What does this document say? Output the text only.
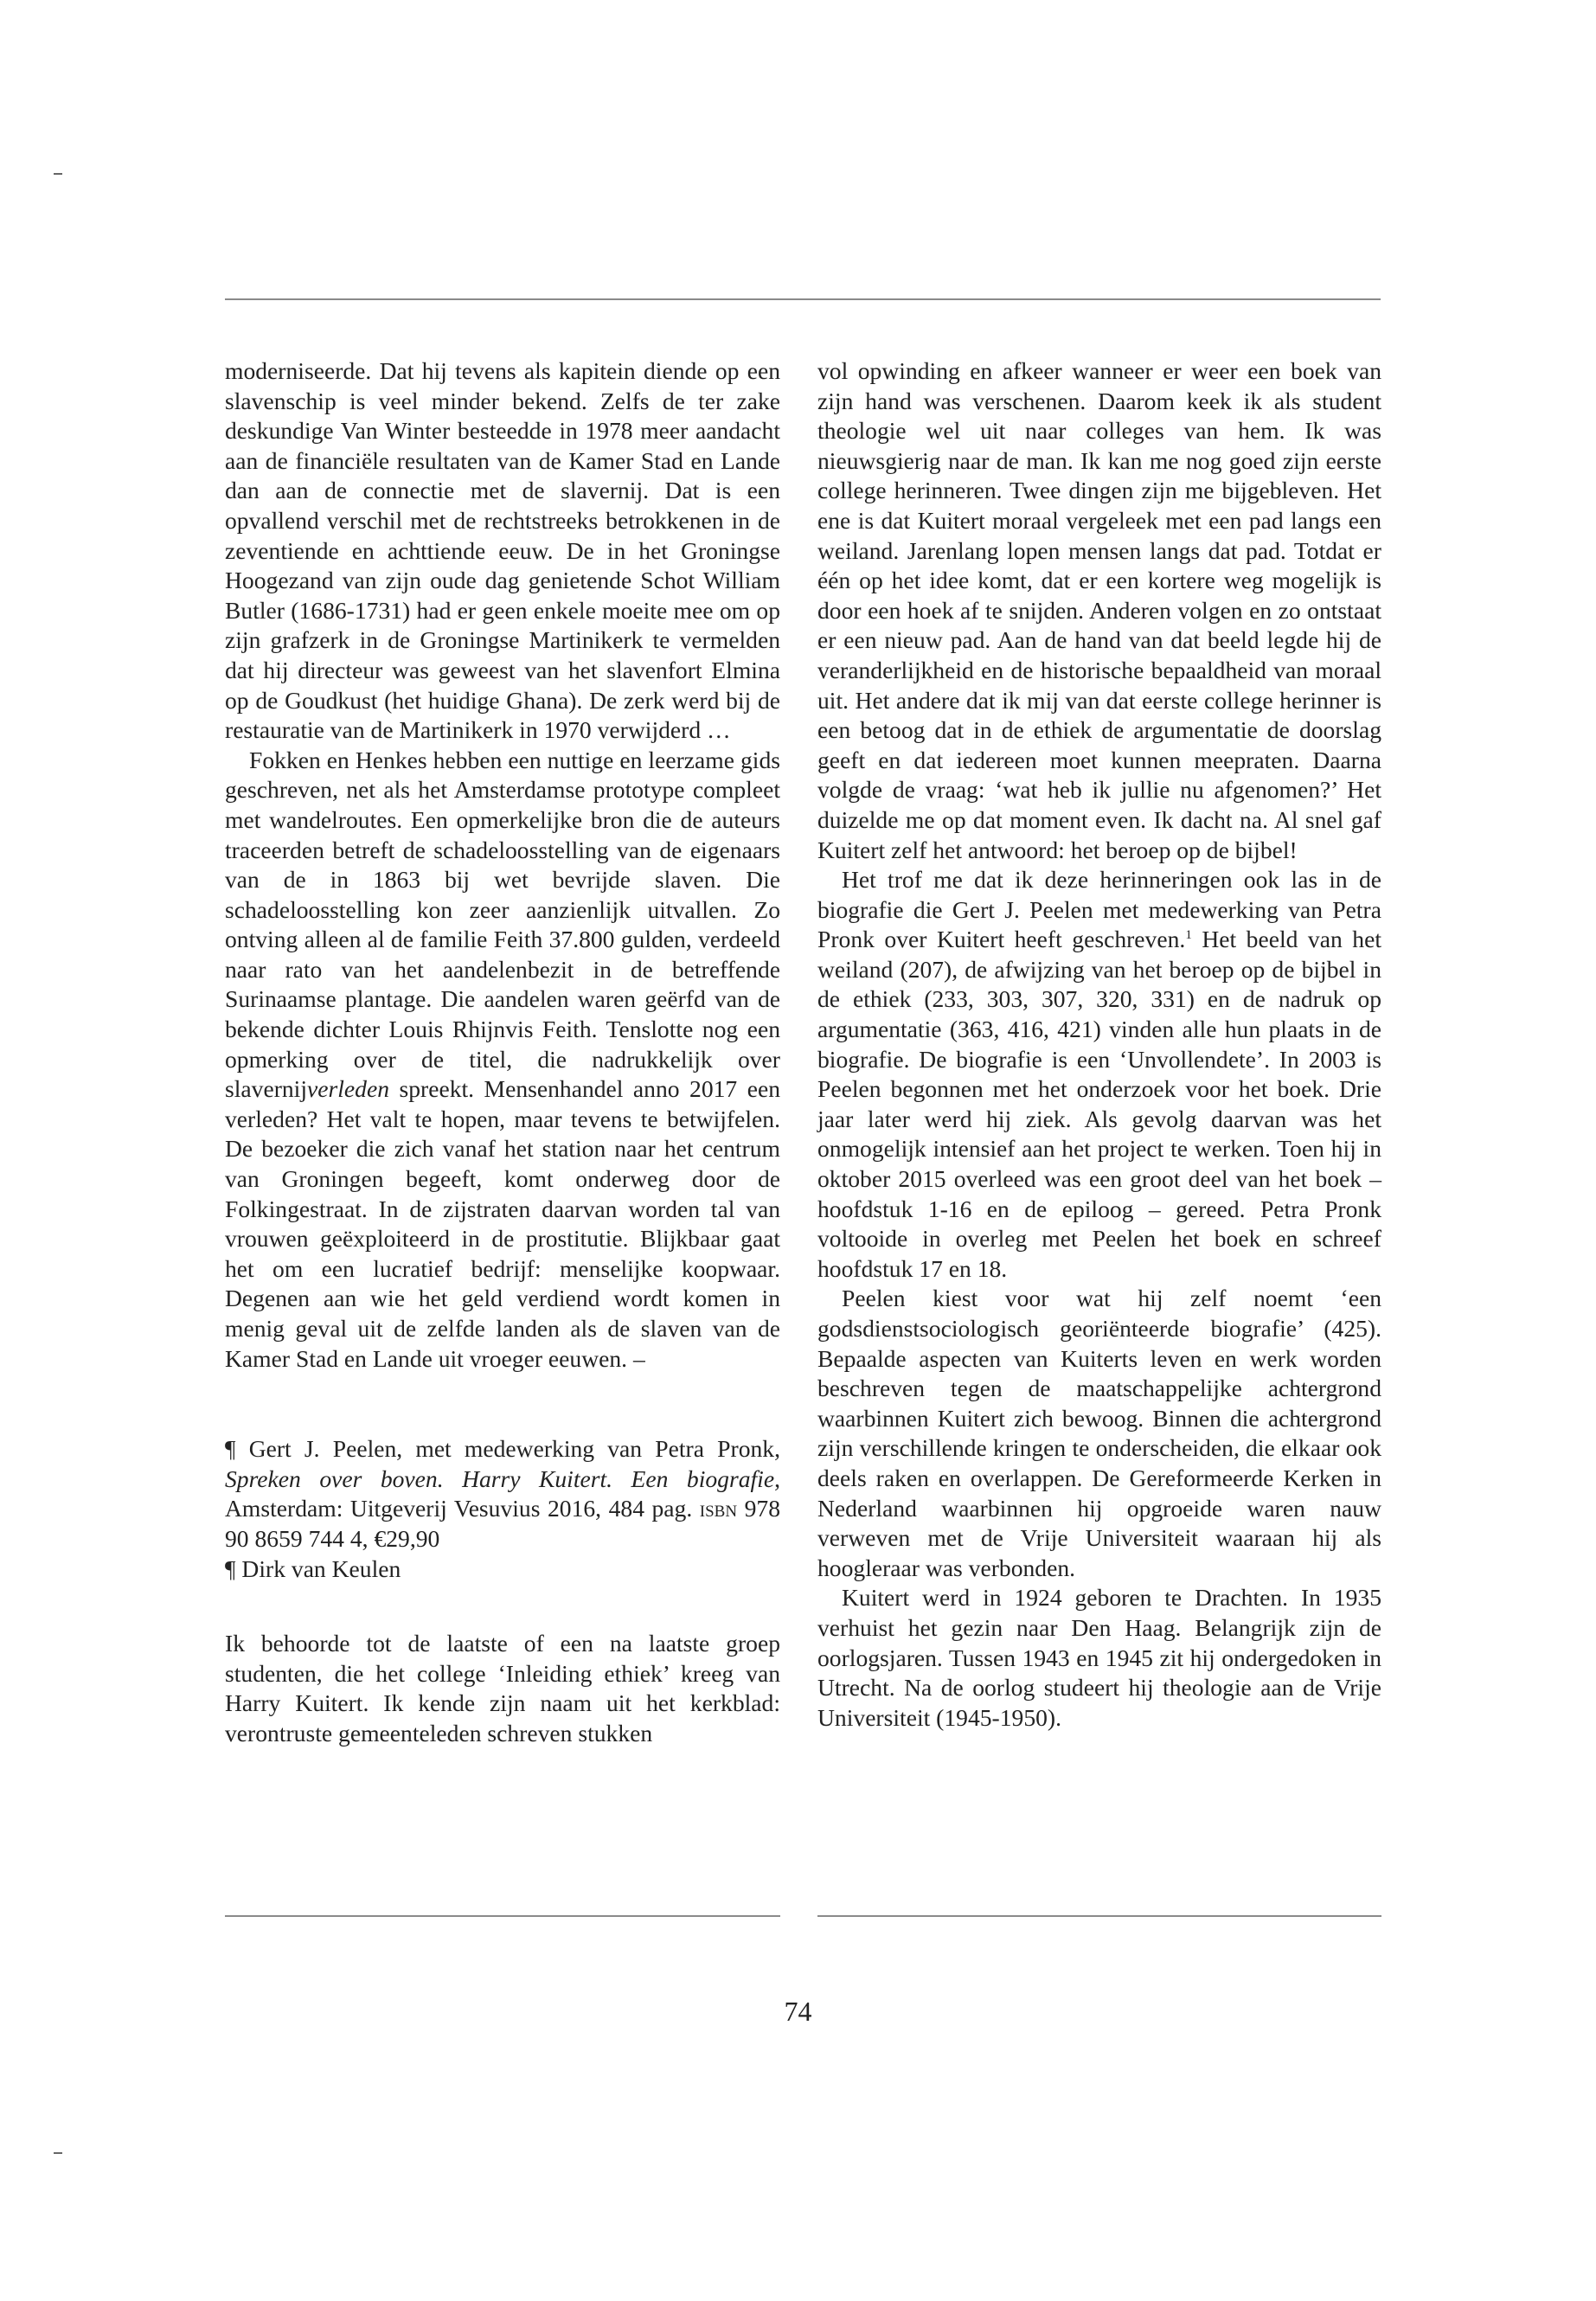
moderniseerde. Dat hij tevens als kapitein diende op een slavenschip is veel minder bekend. Zelfs de ter zake deskundige Van Winter besteedde in 1978 meer aandacht aan de financiële resultaten van de Kamer Stad en Lande dan aan de connectie met de slavernij. Dat is een opvallend verschil met de rechtstreeks betrokkenen in de zeventiende en achttiende eeuw. De in het Groningse Hoogezand van zijn oude dag genietende Schot William Butler (1686-1731) had er geen enkele moeite mee om op zijn grafzerk in de Groningse Martinikerk te vermelden dat hij directeur was geweest van het slavenfort Elmina op de Goudkust (het huidige Ghana). De zerk werd bij de restauratie van de Martinikerk in 1970 verwijderd …

Fokken en Henkes hebben een nuttige en leerzame gids geschreven, net als het Amsterdamse prototype compleet met wandelroutes. Een opmerkelijke bron die de auteurs traceerden betreft de schadeloosstelling van de eigenaars van de in 1863 bij wet bevrijde slaven. Die schadeloosstelling kon zeer aanzienlijk uitvallen. Zo ontving alleen al de familie Feith 37.800 gulden, verdeeld naar rato van het aandelenbezit in de betreffende Surinaamse plantage. Die aandelen waren geërfd van de bekende dichter Louis Rhijnvis Feith. Tenslotte nog een opmerking over de titel, die nadrukkelijk over slavernijverleden spreekt. Mensenhandel anno 2017 een verleden? Het valt te hopen, maar tevens te betwijfelen. De bezoeker die zich vanaf het station naar het centrum van Groningen begeeft, komt onderweg door de Folkingestraat. In de zijstraten daarvan worden tal van vrouwen geëxploiteerd in de prostitutie. Blijkbaar gaat het om een lucratief bedrijf: menselijke koopwaar. Degenen aan wie het geld verdiend wordt komen in menig geval uit de zelfde landen als de slaven van de Kamer Stad en Lande uit vroeger eeuwen. –

¶ Gert J. Peelen, met medewerking van Petra Pronk, Spreken over boven. Harry Kuitert. Een biografie, Amsterdam: Uitgeverij Vesuvius 2016, 484 pag. isbn 978 90 8659 744 4, €29,90

¶ Dirk van Keulen

Ik behoorde tot de laatste of een na laatste groep studenten, die het college ‘Inleiding ethiek’ kreeg van Harry Kuitert. Ik kende zijn naam uit het kerkblad: verontruste gemeenteleden schreven stukken

vol opwinding en afkeer wanneer er weer een boek van zijn hand was verschenen. Daarom keek ik als student theologie wel uit naar colleges van hem. Ik was nieuwsgierig naar de man. Ik kan me nog goed zijn eerste college herinneren. Twee dingen zijn me bijgebleven. Het ene is dat Kuitert moraal vergeleek met een pad langs een weiland. Jarenlang lopen mensen langs dat pad. Totdat er één op het idee komt, dat er een kortere weg mogelijk is door een hoek af te snijden. Anderen volgen en zo ontstaat er een nieuw pad. Aan de hand van dat beeld legde hij de veranderlijkheid en de historische bepaaldheid van moraal uit. Het andere dat ik mij van dat eerste college herinner is een betoog dat in de ethiek de argumentatie de doorslag geeft en dat iedereen moet kunnen meepraten. Daarna volgde de vraag: ‘wat heb ik jullie nu afgenomen?’ Het duizelde me op dat moment even. Ik dacht na. Al snel gaf Kuitert zelf het antwoord: het beroep op de bijbel!

Het trof me dat ik deze herinneringen ook las in de biografie die Gert J. Peelen met medewerking van Petra Pronk over Kuitert heeft geschreven.$^1$ Het beeld van het weiland (207), de afwijzing van het beroep op de bijbel in de ethiek (233, 303, 307, 320, 331) en de nadruk op argumentatie (363, 416, 421) vinden alle hun plaats in de biografie. De biografie is een ‘Unvollendete’. In 2003 is Peelen begonnen met het onderzoek voor het boek. Drie jaar later werd hij ziek. Als gevolg daarvan was het onmogelijk intensief aan het project te werken. Toen hij in oktober 2015 overleed was een groot deel van het boek – hoofdstuk 1-16 en de epiloog – gereed. Petra Pronk voltooide in overleg met Peelen het boek en schreef hoofdstuk 17 en 18.

Peelen kiest voor wat hij zelf noemt ‘een godsdienstsociologisch georiënteerde biografie’ (425). Bepaalde aspecten van Kuiterts leven en werk worden beschreven tegen de maatschappelijke achtergrond waarbinnen Kuitert zich bewoog. Binnen die achtergrond zijn verschillende kringen te onderscheiden, die elkaar ook deels raken en overlappen. De Gereformeerde Kerken in Nederland waarbinnen hij opgroeide waren nauw verweven met de Vrije Universiteit waaraan hij als hoogleraar was verbonden.

Kuitert werd in 1924 geboren te Drachten. In 1935 verhuist het gezin naar Den Haag. Belangrijk zijn de oorlogsjaren. Tussen 1943 en 1945 zit hij ondergedoken in Utrecht. Na de oorlog studeert hij theologie aan de Vrije Universiteit (1945-1950).

74
